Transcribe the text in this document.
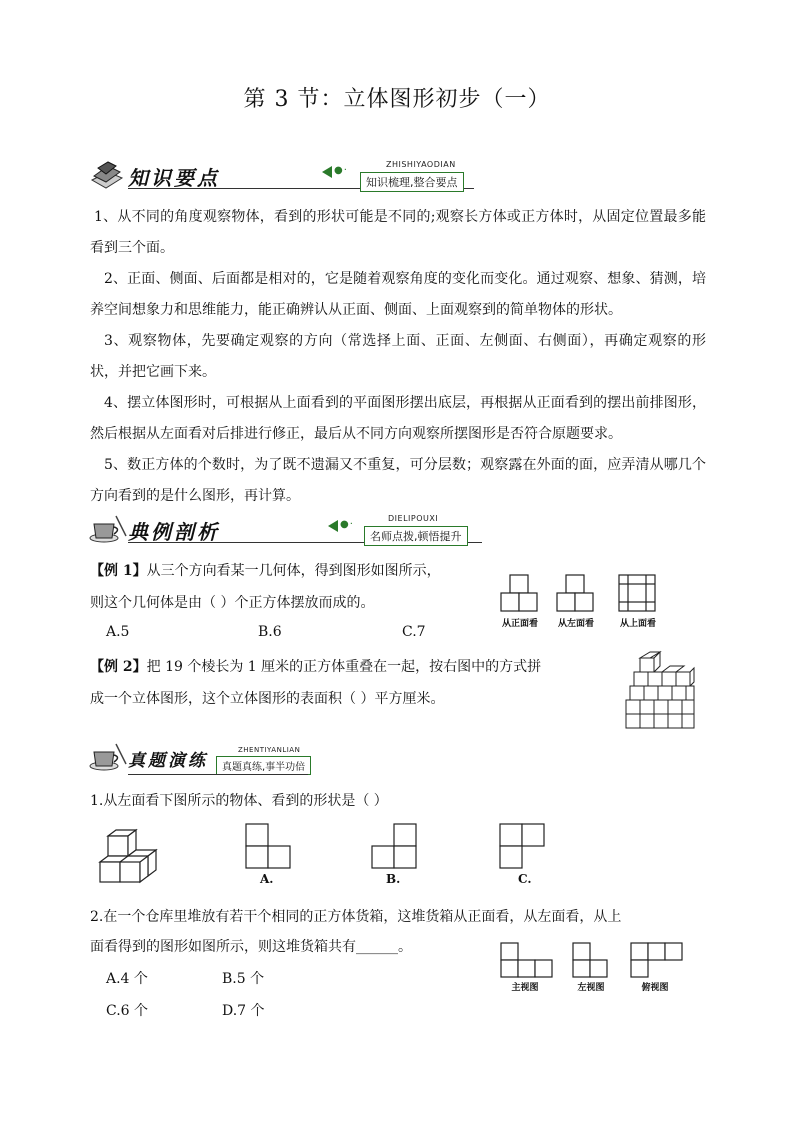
第 3 节：立体图形初步（一）
知识要点	●·
ZHISHIYAODIAN
知识梳理,整合要点
1、从不同的角度观察物体，看到的形状可能是不同的;观察长方体或正方体时，从固定位置最多能看到三个面。
2、正面、侧面、后面都是相对的，它是随着观察角度的变化而变化。通过观察、想象、猜测，培养空间想象力和思维能力，能正确辨认从正面、侧面、上面观察到的简单物体的形状。
3、观察物体，先要确定观察的方向（常选择上面、正面、左侧面、右侧面），再确定观察的形状，并把它画下来。
4、摆立体图形时，可根据从上面看到的平面图形摆出底层，再根据从正面看到的摆出前排图形，然后根据从左面看对后排进行修正，最后从不同方向观察所摆图形是否符合原题要求。
5、数正方体的个数时，为了既不遗漏又不重复，可分层数；观察露在外面的面，应弄清从哪几个方向看到的是什么图形，再计算。
典例剖析	●·
DIELIPOUXI
名师点拨,顿悟提升
【例 1】从三个方向看某一几何体，得到图形如图所示，
则这个几何体是由（ ）个正方体摆放而成的。
A.5	B.6	C.7	从正面看	从左面看	从上面看
【例 2】把 19 个棱长为 1 厘米的正方体重叠在一起，按右图中的方式拼
成一个立体图形，这个立体图形的表面积（ ）平方厘米。
真题演练
ZHENTIYANLIAN
真题真练,事半功倍
1.从左面看下图所示的物体、看到的形状是（ ）
A.	B.	C.
2.在一个仓库里堆放有若干个相同的正方体货箱，这堆货箱从正面看，从左面看，从上
面看得到的图形如图所示，则这堆货箱共有______。
A.4 个	B.5 个
C.6 个	D.7 个
主视图	左视图	俯视图
